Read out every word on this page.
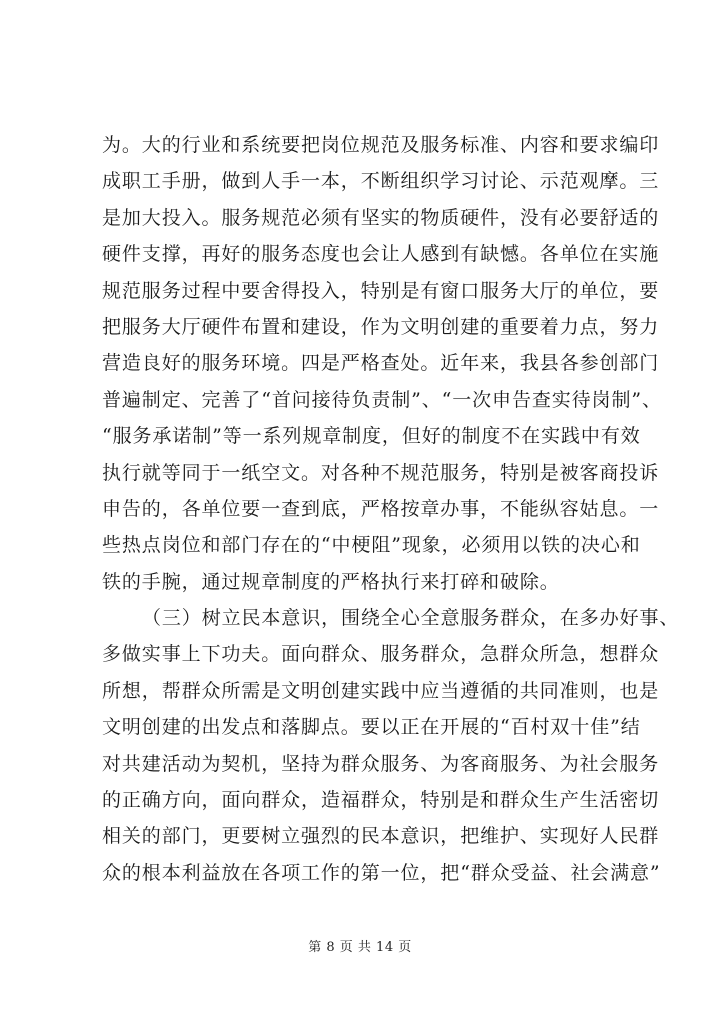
为。大的行业和系统要把岗位规范及服务标准、内容和要求编印
成职工手册，做到人手一本，不断组织学习讨论、示范观摩。三
是加大投入。服务规范必须有坚实的物质硬件，没有必要舒适的
硬件支撑，再好的服务态度也会让人感到有缺憾。各单位在实施
规范服务过程中要舍得投入，特别是有窗口服务大厅的单位，要
把服务大厅硬件布置和建设，作为文明创建的重要着力点，努力
营造良好的服务环境。四是严格查处。近年来，我县各参创部门
普遍制定、完善了“首问接待负责制”、“一次申告查实待岗制”、
“服务承诺制”等一系列规章制度，但好的制度不在实践中有效
执行就等同于一纸空文。对各种不规范服务，特别是被客商投诉
申告的，各单位要一查到底，严格按章办事，不能纵容姑息。一
些热点岗位和部门存在的“中梗阻”现象，必须用以铁的决心和
铁的手腕，通过规章制度的严格执行来打碎和破除。
（三）树立民本意识，围绕全心全意服务群众，在多办好事、
多做实事上下功夫。面向群众、服务群众，急群众所急，想群众
所想，帮群众所需是文明创建实践中应当遵循的共同准则，也是
文明创建的出发点和落脚点。要以正在开展的“百村双十佳”结
对共建活动为契机，坚持为群众服务、为客商服务、为社会服务
的正确方向，面向群众，造福群众，特别是和群众生产生活密切
相关的部门，更要树立强烈的民本意识，把维护、实现好人民群
众的根本利益放在各项工作的第一位，把“群众受益、社会满意”
第 8 页 共 14 页
